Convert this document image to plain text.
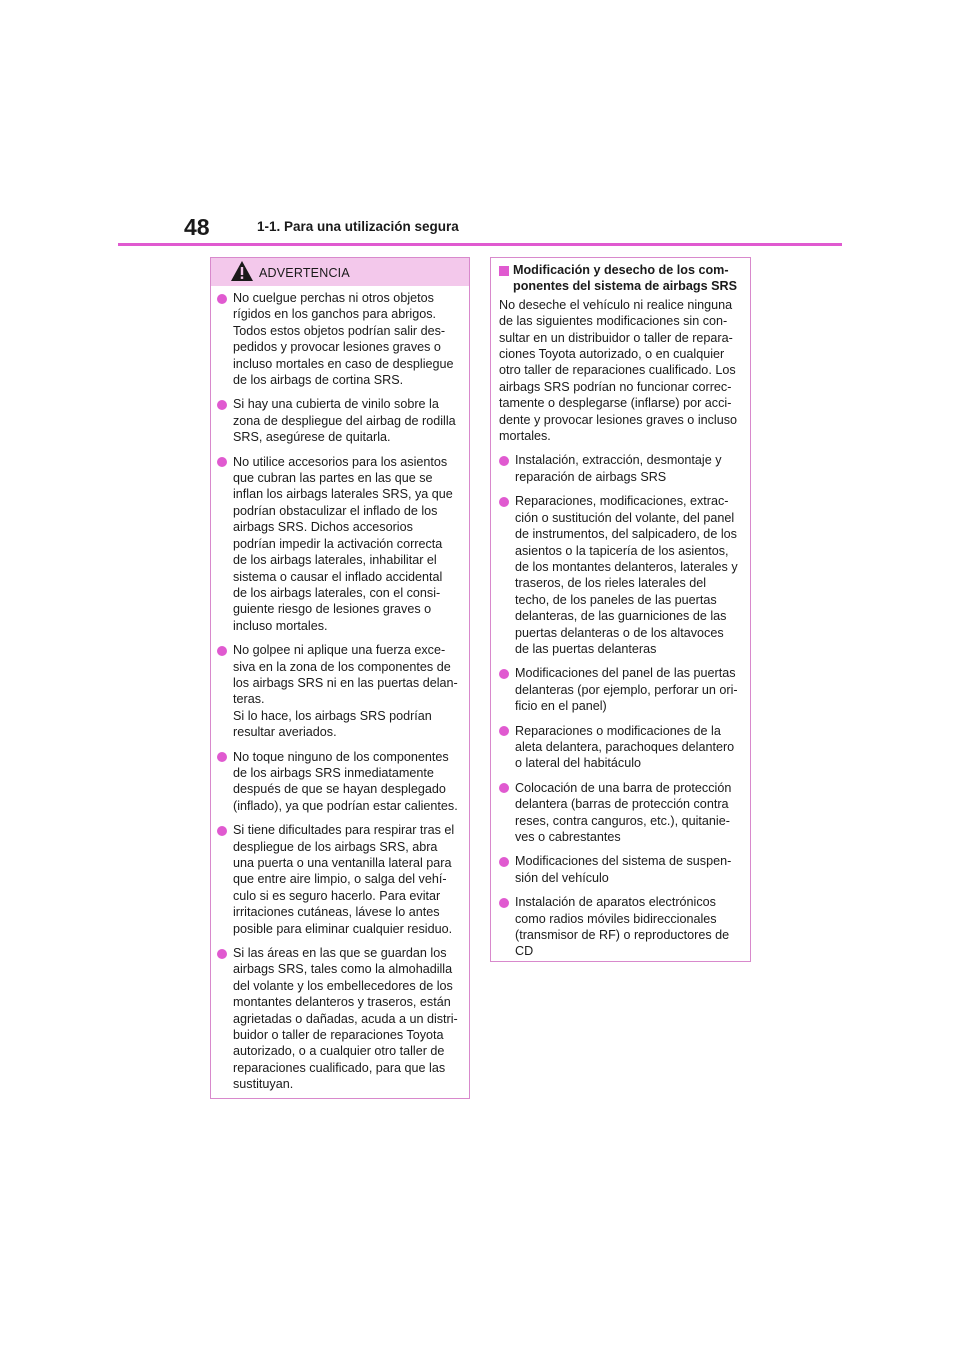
48	1-1. Para una utilización segura
ADVERTENCIA
No cuelgue perchas ni otros objetos
rígidos en los ganchos para abrigos.
Todos estos objetos podrían salir des-
pedidos y provocar lesiones graves o
incluso mortales en caso de despliegue
de los airbags de cortina SRS.
Si hay una cubierta de vinilo sobre la
zona de despliegue del airbag de rodilla
SRS, asegúrese de quitarla.
No utilice accesorios para los asientos
que cubran las partes en las que se
inflan los airbags laterales SRS, ya que
podrían obstaculizar el inflado de los
airbags SRS. Dichos accesorios
podrían impedir la activación correcta
de los airbags laterales, inhabilitar el
sistema o causar el inflado accidental
de los airbags laterales, con el consi-
guiente riesgo de lesiones graves o
incluso mortales.
No golpee ni aplique una fuerza exce-
siva en la zona de los componentes de
los airbags SRS ni en las puertas delan-
teras.
Si lo hace, los airbags SRS podrían
resultar averiados.
No toque ninguno de los componentes
de los airbags SRS inmediatamente
después de que se hayan desplegado
(inflado), ya que podrían estar calientes.
Si tiene dificultades para respirar tras el
despliegue de los airbags SRS, abra
una puerta o una ventanilla lateral para
que entre aire limpio, o salga del vehí-
culo si es seguro hacerlo. Para evitar
irritaciones cutáneas, lávese lo antes
posible para eliminar cualquier residuo.
Si las áreas en las que se guardan los
airbags SRS, tales como la almohadilla
del volante y los embellecedores de los
montantes delanteros y traseros, están
agrietadas o dañadas, acuda a un distri-
buidor o taller de reparaciones Toyota
autorizado, o a cualquier otro taller de
reparaciones cualificado, para que las
sustituyan.
Modificación y desecho de los com-
ponentes del sistema de airbags SRS
No deseche el vehículo ni realice ninguna
de las siguientes modificaciones sin con-
sultar en un distribuidor o taller de repara-
ciones Toyota autorizado, o en cualquier
otro taller de reparaciones cualificado. Los
airbags SRS podrían no funcionar correc-
tamente o desplegarse (inflarse) por acci-
dente y provocar lesiones graves o incluso
mortales.
Instalación, extracción, desmontaje y
reparación de airbags SRS
Reparaciones, modificaciones, extrac-
ción o sustitución del volante, del panel
de instrumentos, del salpicadero, de los
asientos o la tapicería de los asientos,
de los montantes delanteros, laterales y
traseros, de los rieles laterales del
techo, de los paneles de las puertas
delanteras, de las guarniciones de las
puertas delanteras o de los altavoces
de las puertas delanteras
Modificaciones del panel de las puertas
delanteras (por ejemplo, perforar un ori-
ficio en el panel)
Reparaciones o modificaciones de la
aleta delantera, parachoques delantero
o lateral del habitáculo
Colocación de una barra de protección
delantera (barras de protección contra
reses, contra canguros, etc.), quitanie-
ves o cabrestantes
Modificaciones del sistema de suspen-
sión del vehículo
Instalación de aparatos electrónicos
como radios móviles bidireccionales
(transmisor de RF) o reproductores de
CD
